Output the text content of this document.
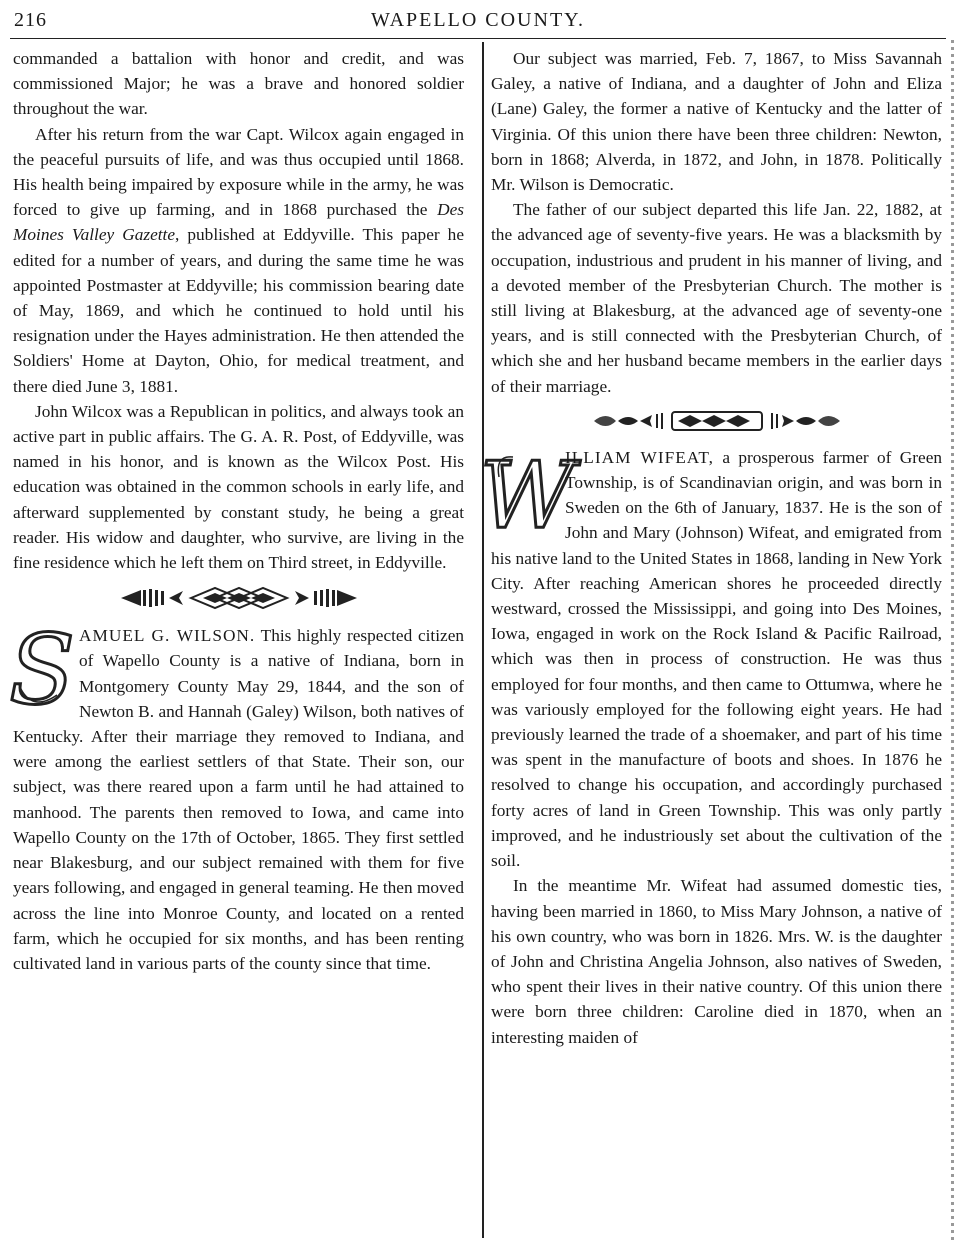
216	WAPELLO COUNTY.

commanded a battalion with honor and credit, and was commissioned Major; he was a brave and honored soldier throughout the war.

After his return from the war Capt. Wilcox again engaged in the peaceful pursuits of life, and was thus occupied until 1868. His health being impaired by exposure while in the army, he was forced to give up farming, and in 1868 purchased the Des Moines Valley Gazette, published at Eddyville. This paper he edited for a number of years, and during the same time he was appointed Postmaster at Eddyville; his commission bearing date of May, 1869, and which he continued to hold until his resignation under the Hayes administration. He then attended the Soldiers' Home at Dayton, Ohio, for medical treatment, and there died June 3, 1881.

John Wilcox was a Republican in politics, and always took an active part in public affairs. The G. A. R. Post, of Eddyville, was named in his honor, and is known as the Wilcox Post. His education was obtained in the common schools in early life, and afterward supplemented by constant study, he being a great reader. His widow and daughter, who survive, are living in the fine residence which he left them on Third street, in Eddyville.

S AMUEL G. WILSON. This highly respected citizen of Wapello County is a native of Indiana, born in Montgomery County May 29, 1844, and the son of Newton B. and Hannah (Galey) Wilson, both natives of Kentucky. After their marriage they removed to Indiana, and were among the earliest settlers of that State. Their son, our subject, was there reared upon a farm until he had attained to manhood. The parents then removed to Iowa, and came into Wapello County on the 17th of October, 1865. They first settled near Blakesburg, and our subject remained with them for five years following, and engaged in general teaming. He then moved across the line into Monroe County, and located on a rented farm, which he occupied for six months, and has been renting cultivated land in various parts of the county since that time.

Our subject was married, Feb. 7, 1867, to Miss Savannah Galey, a native of Indiana, and a daughter of John and Eliza (Lane) Galey, the former a native of Kentucky and the latter of Virginia. Of this union there have been three children: Newton, born in 1868; Alverda, in 1872, and John, in 1878. Politically Mr. Wilson is Democratic.

The father of our subject departed this life Jan. 22, 1882, at the advanced age of seventy-five years. He was a blacksmith by occupation, industrious and prudent in his manner of living, and a devoted member of the Presbyterian Church. The mother is still living at Blakesburg, at the advanced age of seventy-one years, and is still connected with the Presbyterian Church, of which she and her husband became members in the earlier days of their marriage.

W
ILLIAM WIFEAT, a prosperous farmer of Green Township, is of Scandinavian origin, and was born in Sweden on the 6th of January, 1837. He is the son of John and Mary (Johnson) Wifeat, and emigrated from his native land to the United States in 1868, landing in New York City. After reaching American shores he proceeded directly westward, crossed the Mississippi, and going into Des Moines, Iowa, engaged in work on the Rock Island & Pacific Railroad, which was then in process of construction. He was thus employed for four months, and then came to Ottumwa, where he was variously employed for the following eight years. He had previously learned the trade of a shoemaker, and part of his time was spent in the manufacture of boots and shoes. In 1876 he resolved to change his occupation, and accordingly purchased forty acres of land in Green Township. This was only partly improved, and he industriously set about the cultivation of the soil.

In the meantime Mr. Wifeat had assumed domestic ties, having been married in 1860, to Miss Mary Johnson, a native of his own country, who was born in 1826. Mrs. W. is the daughter of John and Christina Angelia Johnson, also natives of Sweden, who spent their lives in their native country. Of this union there were born three children: Caroline died in 1870, when an interesting maiden of
